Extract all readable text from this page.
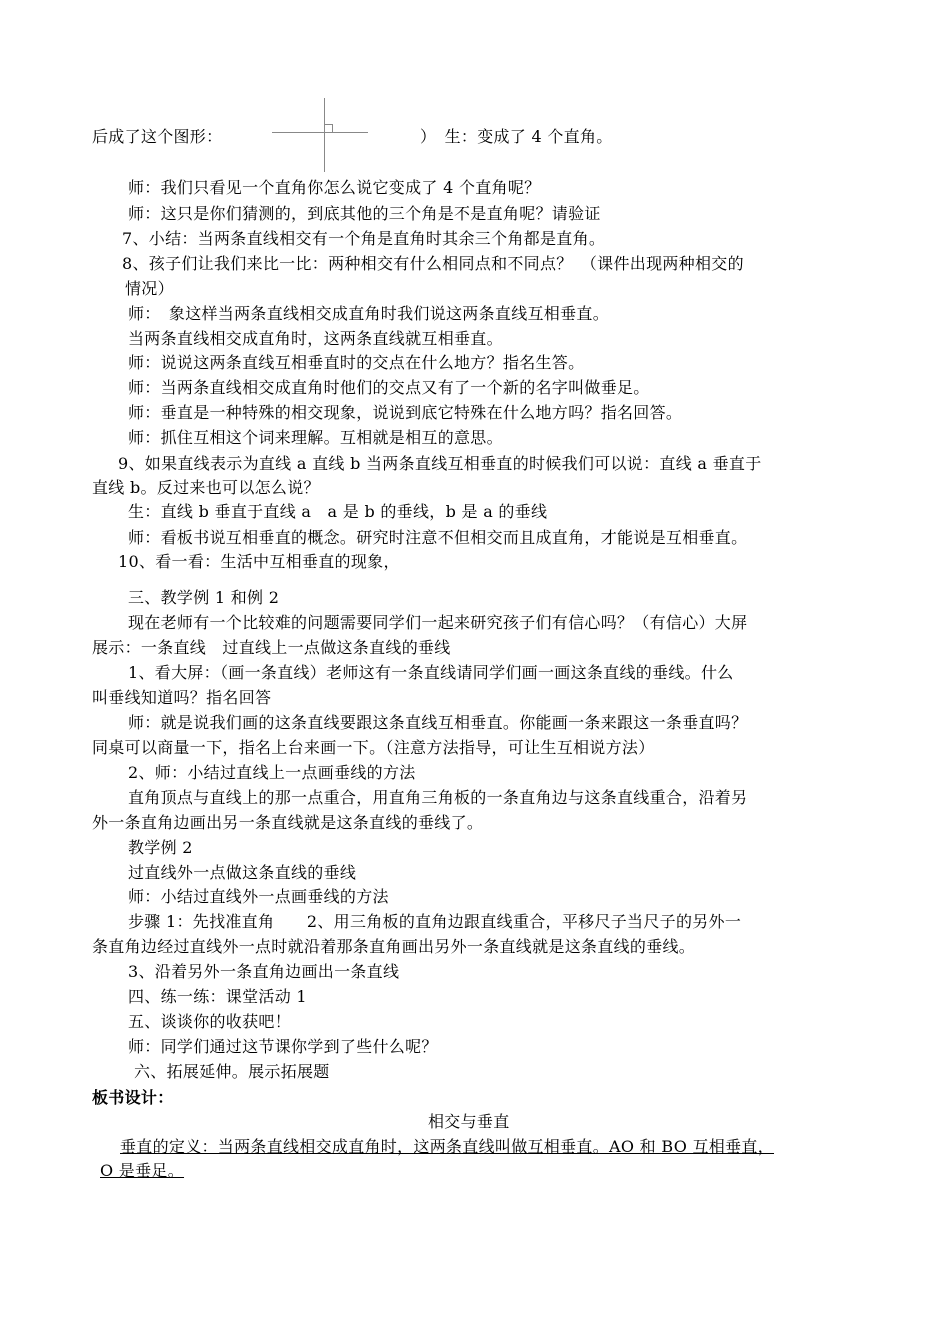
后成了这个图形：	）　生：变成了 4 个直角。
师：我们只看见一个直角你怎么说它变成了 4 个直角呢？
师：这只是你们猜测的，到底其他的三个角是不是直角呢？请验证
7、小结：当两条直线相交有一个角是直角时其余三个角都是直角。
8、孩子们让我们来比一比：两种相交有什么相同点和不同点？　（课件出现两种相交的
情况）
师：　象这样当两条直线相交成直角时我们说这两条直线互相垂直。
当两条直线相交成直角时，这两条直线就互相垂直。
师：说说这两条直线互相垂直时的交点在什么地方？指名生答。
师：当两条直线相交成直角时他们的交点又有了一个新的名字叫做垂足。
师：垂直是一种特殊的相交现象，说说到底它特殊在什么地方吗？指名回答。
师：抓住互相这个词来理解。互相就是相互的意思。
9、如果直线表示为直线 a 直线 b 当两条直线互相垂直的时候我们可以说：直线 a 垂直于
直线 b。反过来也可以怎么说？
生：直线 b 垂直于直线 a　a 是 b 的垂线，b 是 a 的垂线
师：看板书说互相垂直的概念。研究时注意不但相交而且成直角，才能说是互相垂直。
10、看一看：生活中互相垂直的现象，
三、教学例 1 和例 2
现在老师有一个比较难的问题需要同学们一起来研究孩子们有信心吗？（有信心）大屏
展示：一条直线　过直线上一点做这条直线的垂线
1、看大屏：（画一条直线）老师这有一条直线请同学们画一画这条直线的垂线。什么
叫垂线知道吗？指名回答
师：就是说我们画的这条直线要跟这条直线互相垂直。你能画一条来跟这一条垂直吗？
同桌可以商量一下，指名上台来画一下。（注意方法指导，可让生互相说方法）
2、师：小结过直线上一点画垂线的方法
直角顶点与直线上的那一点重合，用直角三角板的一条直角边与这条直线重合，沿着另
外一条直角边画出另一条直线就是这条直线的垂线了。
教学例 2
过直线外一点做这条直线的垂线
师：小结过直线外一点画垂线的方法
步骤 1：先找准直角　　2、用三角板的直角边跟直线重合，平移尺子当尺子的另外一
条直角边经过直线外一点时就沿着那条直角画出另外一条直线就是这条直线的垂线。
3、沿着另外一条直角边画出一条直线
四、练一练：课堂活动 1
五、谈谈你的收获吧！
师：同学们通过这节课你学到了些什么呢？
六、拓展延伸。展示拓展题
板书设计：
相交与垂直
垂直的定义：当两条直线相交成直角时，这两条直线叫做互相垂直。AO 和 BO 互相垂直，
O 是垂足。
